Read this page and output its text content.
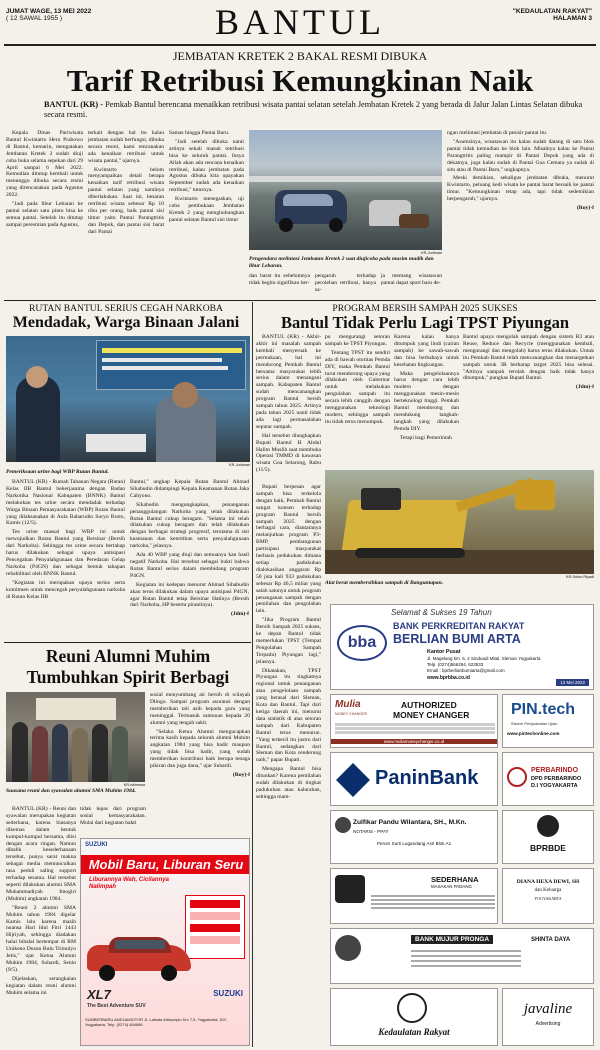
JUMAT WAGE, 13 MEI 2022
( 12 SAWAL 1955 )	BANTUL	"KEDAULATAN RAKYAT"
HALAMAN 3
JEMBATAN KRETEK 2 BAKAL RESMI DIBUKA
Tarif Retribusi Kemungkinan Naik
BANTUL (KR) - Pemkab Bantul berencana menaikkan retribusi wisata pantai selatan setelah Jembatan Kretek 2 yang berada di Jalur Jalan Lintas Selatan dibuka secara resmi.

Kepala Dinas Pariwisata Bantul Kwintarto Heru Prabowo di Bantul, kemarin, mengatakan Jembatan Kretek 2 sudah diuji coba buka selama sepekan dari 29 April sampai 6 Mei 2022. Kemudian ditutup kembali untuk menunggu dibuka secara resmi yang direncanakan pada Agustus 2022.

"Jadi pada libur Lebaran ke pantai selatan satu pintu bisa ke semua pantai. Setelah itu ditutup sampai peresmian pada Agustus,

terkait dengan hal itu kalau jembatan sudah berfungsi, dibuka secara resmi, kami rencanakan ada kenaikan retribusi untuk wisata pantai," ujarnya.

Kwintarto belum menyampaikan detail berapa kenaikan tarif retribusi wisata pantai selatan yang nantinya diberlakukan. Saat ini, besaran retribusi wisata sebesar Rp 10 ribu per orang, baik pantai sisi timur yaitu Pantai Parangtritis dan Depok, dan pantai sisi barat dari Pantai

Samas hingga Pantai Baru.

"Jadi setelah dibuka nanti artinya sekali masuk retribusi bisa ke seluruh pantai. Insya Allah akan ada rencana kenaikan retribusi, kalau jembatan pada Agustus dibuka kita upayakan September sudah ada kenaikan retribusi," tuturnya.

Kwintarto menegaskan, uji coba pembukaan Jembatan Kretek 2 yang menghubungkan pantai selatan Bantul sisi timur

KR-Judiman
Pengendara melintasi Jembatan Kretek 2 saat diujicoba pada musim mudik dan libur Lebaran.
dan barat itu sebelumnya tidak begitu signifikan ber-
pengaruh terhadap perolehan retribusi, hanya sa-
ja memang wisatawan pantai dapat sport baru de-

ngan melintasi jembatan di pesisir pantai itu.

"Asumsinya, wisatawan itu kalau sudah datang di satu blok pantai tidak kemudian ke blok lain. Misalnya kalau ke Pantai Parangtritis paling mampir di Pantai Depok yang ada di dekatnya, juga kalau sudah di Pantai Goa Cemara ya sudah di situ atau di Pantai Baru," ungkapnya.

Meski demikian, sekaligus jembatan dibuka, menurut Kwintarto, peluang kedi wisata ke pantai barat bersaih ke pantai timur. "Kemungkinan tetap ada, tapi tidak sedemikian berpengaruh," ujarnya.

(Roy)-f

RUTAN BANTUL SERIUS CEGAH NARKOBA
Mendadak, Warga Binaan Jalani
KR-Judiman
Pemeriksaan urine bagi WBP Rutan Bantul.

BANTUL (KR) - Rumah Tahanan Negara (Rutan) Kelas IIB Bantul bekerjasama dengan Badan Narkotika Nasional Kabupaten (BNNK) Bantul melakukan tes urine secara mendadak terhadap Warga Binaan Pemasyarakatan (WBP) Rutan Bantul yang dilaksanakan di Aula Baharudin Suryo Broto, Kamis (12/5).

Tes urine massal bagi WBP ini untuk mewujudkan Rutan Bantul yang Bersinar (Bersih dari Narkoba). Sehingga tes urine secara bertahap harus dilakukan sebagai upaya antisipasi Pencegahan Penyalahgunaan dan Peredaran Gelap Narkoba (P4GN) dan sebagai bentuk tahapan rehabilitasi oleh BNNK Bantul.

"Kegiatan ini merupakan upaya serius serta komitmen untuk mencegah penyalahgunaan narkoba di Rutan Kelas IIB

Bantul," ungkap Kepala Rutan Bantul Ahmad Sihabudin didampingi Kepala Keamanan Rutan Jaka Cahyono.

Sihabudin mengungkapkan, penanganan penanggulangan Narkoba yang telah dilakukan Rutan Bantul cukup beragam. "Selama ini telah dilakukan cukup beragam dan telah dilakukan dengan berbagai strategi progresif, terutama di sisi keamanan dan ketertiban serta penyalahgunaan narkoba," jelasnya.

Ada 40 WBP yang diuji dan semuanya kan hasil negatif Narkoba. Hal tersebut sebagai bukti bahwa Rutan Bantul serius dalam membidang program P4GN.

Kegiatan ini kedepan menurut Ahmad Sihabudin akan terus dilakukan dalam upaya antisipasi P4GN, agar Rutan Bantul tetap Bersinar Hatinya (Bersih dari Narkoba, HP beserta pirantinya).

(Jdm)-f

PROGRAM BERSIH SAMPAH 2025 SUKSES
Bantul Tidak Perlu Lagi TPST Piyungan

BANTUL (KR) - Akhir-akhir ini masalah sampah kembali menyeruak ke permukaan, hal ini mendorong Pemkab Bantul bersama masyarakat lebih serius dalam menangani sampah. Kabupaten Bantul sudah mencanangkan program Bantul bersih sampah tahun 2025. Artinya pada tahun 2025 nanti tidak ada lagi permasalahan seputar sampah.

Hal tersebut diungkapkan Bupati Bantul H Abdul Halim Muslih saat membuka Operasi TMMD di kawasan wisata Goa Selarong, Rabu (11/5).

pu mengurangi setoran sampah ke TPST Piyungan.

Tentang TPST itu sendiri ada di bawah otoritas Pemda DIY, maka Pemkab Bantul turut mendorong upaya yang dilakukan oleh Gubernur untuk melakukan pengolahan sampah itu secara lebih canggih dengan menggunakan teknologi modern, sehingga sampah itu tidak terus menumpuk.

Karena kalau hanya ditumpuk yang lindi (cairan sampah) ke sawah-sawah dan bisa berbahaya untuk kesehatan lingkungan.

Maka pengelolaannya harus dengan cara lebih modern dengan menggunakan mesin-mesin berteknologi tinggi. Pemkab Bantul mendorong dan mendukung langkah-langkah yang dilakukan Pemda DIY.

Tetapi bagi Pemerintah

Bantul upaya mengolah sampah dengan sistem R3 atau Reuse, Reduce dan Recycle (menggunakan kembali, mengurangi dan mengolah) harus terus dilakukan. Untuk itu Pemkab Bantul telah mencanangkan dan menargetkan sampah untuk 3R berharap target 2025 bisa selesai. "Artinya sampah terolah dengan baik tidak hanya ditumpuk," pungkas Bupati Bantul.

(Jdm)-f

KR-Sukro Riyadi
Alat berat membersihkan sampah di Banguntapan.

Bupati berpesan agar sampah bisa terkelola dengan baik, Pemkab Bantul sangat konsen terhadap program Bantul bersih sampah 2025 dengan berbagai cara, diantaranya melanjutkan program P3-BMP, pembangunan partisipasi masyarakat berbasis pedukuhan dimana setiap padukuhan dialokasikan anggaran Rp 50 juta kali 933 padukuhan sebesar Rp 46,5 miliar yang salah satunya untuk program penanganan sampah dengan pemilahan dan pengolahan lain.

"Jika Program Bantul Bersih Sampah 2025 sukses, ke depan Bantul tidak memerlukan TPST (Tempat Pengolahan Sampah Terpadu) Piyungan lagi," jelasnya.

Dikatakan, TPST Piyungan itu tingkatnya regional untuk penanganan atau pengelolaan sampah yang berasal dari Sleman, Kota dan Bantul. Tapi dari ketiga daerah ini, menurut data statistik di atas setoran sampah dari Kabupaten Bantul terus menurun. "Yang terkecil itu justru dari Bantul, sedangkan dari Sleman dan Kota cenderung naik," papar Bupati.

Mengapa Bantul bisa ditunkan? Karena pemilahan sudah dilakukan di tingkat padukuhan atau kalurahan, sehingga mam-

Reuni Alumni Muhim
Tumbuhkan Spirit Berbagi
KR-istimewa
Suasana reuni dan syawalan alumni SMA Muhim 1984.

BANTUL (KR) - Reuni dan syawalan merupakan kegiatan sederhana, karena biasanya dikemas dalam bentuk kumpul-kumpul bersama, diisi dengan acara ringan. Namun dibalik kesederhanaan tersebut, punya sarat makna sebagai media memunculkan rasa peduli saling support terhadap sesama. Hal tersebut seperti dilakukan alumni SMA Muhammadiyah Imogiri (Muhim) angkatan 1984.

"Reuni 2 alumni SMA Muhim tahun 1984 digelar Kamis lalu karena masih nuansa Hari Idul Fitri 1443 Hijriyah, sehingga diadakan halal bihalal bertempat di RM Unikeno Dusun Bulu Trimulyo Jetis," ujar Ketua Alumni Muhim 1984, Suhardi, Senin (9/5).

Dijelaskan, serangkaian kegiatan dalam reuni alumni Muhim selama ini

tidak lepas dari program sosial kemasyarakatan. Mulai dari kegiatan bakti

sosial menyumbang air bersih di wilayah Dlingo. Sampai program asuransi dengan memberikan tali asih kepada guru yang meninggal. Termasuk santunan kepada 20 alumni yang tengah sakit.

"Selaku Ketua Alumni mengucapkan terima kasih kepada seluruh alumni Muhim angkatan 1984 yang bisa hadir maupun yang tidak bisa hadir, yang sudah memberikan kontribusi baik berupa tenaga pikiran dan juga dana," ujar Suhardi.

(Roy)-f

SUZUKI
Mobil Baru, Liburan Seru
Liburannya Wah, Cicilannya Nalimpah
XL7
The Best Adventure SUV
SUZUKI
SUMBERBARU ANDIJAMOTOR Jl. Laksda Adisucipto Km 7,5, Yogyakarta, DIY, Yogyakarta, Telp. (0274) 484686
Selamat & Sukses 19 Tahun
bba
BANK PERKREDITAN RAKYAT
BERLIAN BUMI ARTA
Kantor Pusat
Jl. Magelang km. 5, 2 Sinduadi Mlati, Sleman Yogyakarta
Telp. (0274)566294, 623533
Email : bprberlianbumiarta@gmail.com
www.bprbba.co.id
13 Mei 2022
Mulia
MONEY CHANGER
AUTHORIZED
MONEY CHANGER
www.muliamoneychanger.co.id
PIN.tech
Sistem Penjadwalan Ujian
www.pintechonline.com
PaninBank	PERBARINDO
DPD PERBARINDO
D.I YOGYAKARTA
Zulfikar Pandu Wilantara, SH., M.Kn.
NOTARIS - PPAT
Perum Surti Lugandang Asri Blok A1	BPRBDE
SEDERHANA
MASAKAN PADANG
DIANA HEXA DEWI, SH
dan Keluarga
YOGYAKARTA
SHINTA DAYA
BANK MUJUR PRONGA
Kedaulatan Rakyat
javaline
Advertising
